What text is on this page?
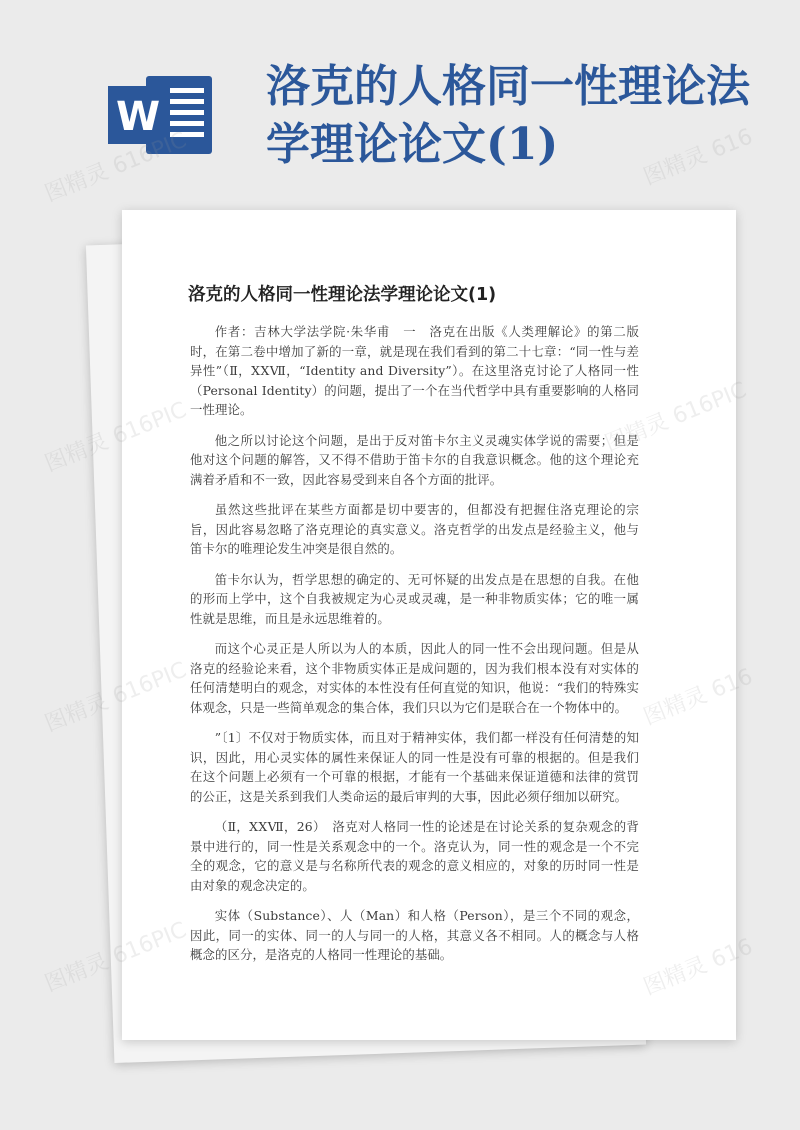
W
洛克的人格同一性理论法学理论论文(1)
洛克的人格同一性理论法学理论论文(1)

作者：吉林大学法学院·朱华甫　一　洛克在出版《人类理解论》的第二版时，在第二卷中增加了新的一章，就是现在我们看到的第二十七章：“同一性与差异性”（Ⅱ，ⅩⅩⅦ，“Identity and Diversity”）。在这里洛克讨论了人格同一性（Personal Identity）的问题，提出了一个在当代哲学中具有重要影响的人格同一性理论。

他之所以讨论这个问题，是出于反对笛卡尔主义灵魂实体学说的需要；但是他对这个问题的解答，又不得不借助于笛卡尔的自我意识概念。他的这个理论充满着矛盾和不一致，因此容易受到来自各个方面的批评。

虽然这些批评在某些方面都是切中要害的，但都没有把握住洛克理论的宗旨，因此容易忽略了洛克理论的真实意义。洛克哲学的出发点是经验主义，他与笛卡尔的唯理论发生冲突是很自然的。

笛卡尔认为，哲学思想的确定的、无可怀疑的出发点是在思想的自我。在他的形而上学中，这个自我被规定为心灵或灵魂，是一种非物质实体；它的唯一属性就是思维，而且是永远思维着的。

而这个心灵正是人所以为人的本质，因此人的同一性不会出现问题。但是从洛克的经验论来看，这个非物质实体正是成问题的，因为我们根本没有对实体的任何清楚明白的观念，对实体的本性没有任何直觉的知识，他说：“我们的特殊实体观念，只是一些简单观念的集合体，我们只以为它们是联合在一个物体中的。

”〔1〕不仅对于物质实体，而且对于精神实体，我们都一样没有任何清楚的知识，因此，用心灵实体的属性来保证人的同一性是没有可靠的根据的。但是我们在这个问题上必须有一个可靠的根据，才能有一个基础来保证道德和法律的赏罚的公正，这是关系到我们人类命运的最后审判的大事，因此必须仔细加以研究。

（Ⅱ，ⅩⅩⅦ，26）　洛克对人格同一性的论述是在讨论关系的复杂观念的背景中进行的，同一性是关系观念中的一个。洛克认为，同一性的观念是一个不完全的观念，它的意义是与名称所代表的观念的意义相应的，对象的历时同一性是由对象的观念决定的。

实体（Substance）、人（Man）和人格（Person），是三个不同的观念，因此，同一的实体、同一的人与同一的人格，其意义各不相同。人的概念与人格概念的区分，是洛克的人格同一性理论的基础。

图精灵 616PIC	图精灵 616
图精灵
图精灵
图精灵
